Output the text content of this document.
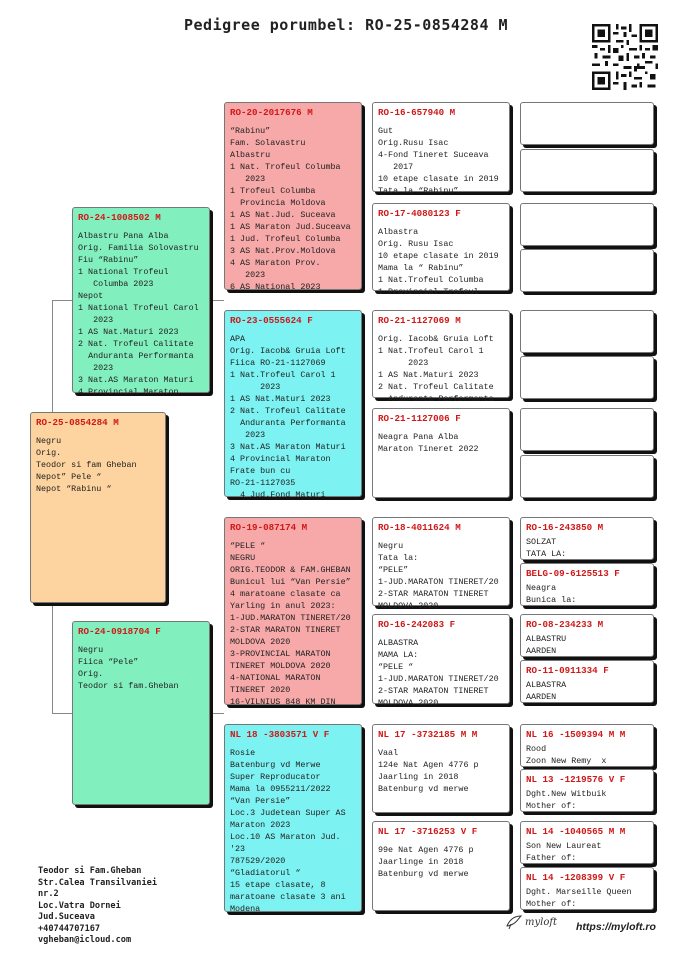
Pedigree porumbel: RO-25-0854284 M
RO-25-0854284 M
Negru
Orig.
Teodor si fam Gheban
Nepot” Pele “
Nepot “Rabinu “
RO-24-1008502 M
Albastru Pana Alba
Orig. Familia Solovastru
Fiu “Rabinu”
1 National Trofeul
Columba 2023
Nepot
1 National Trofeul Carol
2023
1 AS Nat.Maturi 2023
2 Nat. Trofeul Calitate
Anduranta Performanta
2023
3 Nat.AS Maraton Maturi
4 Provincial Maraton
RO-24-0918704 F
Negru
Fiica “Pele”
Orig.
Teodor si fam.Gheban
RO-20-2017676 M
“Rabinu”
Fam. Solavastru
Albastru
1 Nat. Trofeul Columba
2023
1 Trofeul Columba
Provincia Moldova
1 AS Nat.Jud. Suceava
1 AS Maraton Jud.Suceava
1 Jud. Trofeul Columba
3 AS Nat.Prov.Moldova
4 AS Maraton Prov.
2023
6 AS National 2023
RO-23-0555624 F
APA
Orig. Iacob& Gruia Loft
Fiica RO-21-1127069
1 Nat.Trofeul Carol 1
2023
1 AS Nat.Maturi 2023
2 Nat. Trofeul Calitate
Anduranta Performanta
2023
3 Nat.AS Maraton Maturi
4 Provincial Maraton
Frate bun cu
RO-21-1127035
4 Jud.Fond Maturi
RO-19-087174 M
“PELE “
NEGRU
ORIG.TEODOR & FAM.GHEBAN
Bunicul lui “Van Persie”
4 maratoane clasate ca
Yarling in anul 2023:
1-JUD.MARATON TINERET/20
2-STAR MARATON TINERET
MOLDOVA 2020
3-PROVINCIAL MARATON
TINERET MOLDOVA 2020
4-NATIONAL MARATON
TINERET 2020
16-VILNIUS 848 KM DIN
NL 18 -3803571 V F
Rosie
Batenburg vd Merwe
Super Reproducator
Mama la 0955211/2022
“Van Persie”
Loc.3 Judetean Super AS
Maraton 2023
Loc.10 AS Maraton Jud.
'23
787529/2020
“Gladiatorul “
15 etape clasate, 8
maratoane clasate 3 ani
Modena
RO-16-657940 M
Gut
Orig.Rusu Isac
4-Fond Tineret Suceava
2017
10 etape clasate in 2019
Tata la “Rabinu”
RO-17-4080123 F
Albastra
Orig. Rusu Isac
10 etape clasate in 2019
Mama la “ Rabinu”
1 Nat.Trofeul Columba
1 Provincial Trofeul
RO-21-1127069 M
Orig. Iacob& Gruia Loft
1 Nat.Trofeul Carol 1
2023
1 AS Nat.Maturi 2023
2 Nat. Trofeul Calitate
Anduranta Performanta
RO-21-1127006 F
Neagra Pana Alba
Maraton Tineret 2022
RO-18-4011624 M
Negru
Tata la:
“PELE”
1-JUD.MARATON TINERET/20
2-STAR MARATON TINERET
MOLDOVA 2020
RO-16-242083 F
ALBASTRA
MAMA LA:
“PELE “
1-JUD.MARATON TINERET/20
2-STAR MARATON TINERET
MOLDOVA 2020
NL 17 -3732185 M M
Vaal
124e Nat Agen 4776 p
Jaarling in 2018
Batenburg vd merwe
NL 17 -3716253 V F
99e Nat Agen 4776 p
Jaarlinge in 2018
Batenburg vd merwe
RO-16-243850 M
SOLZAT
TATA LA:
BELG-09-6125513 F
Neagra
Bunica la:
RO-08-234233 M
ALBASTRU
AARDEN
RO-11-0911334 F
ALBASTRA
AARDEN
NL 16 -1509394 M M
Rood
Zoon New Remy  x
NL 13 -1219576 V F
Dght.New Witbuik
Mother of:
NL 14 -1040565 M M
Son New Laureat
Father of:
NL 14 -1208399 V F
Dght. Marseille Queen
Mother of:
Teodor si Fam.Gheban
Str.Calea Transilvaniei
nr.2
Loc.Vatra Dornei
Jud.Suceava
+40744707167
vgheban@icloud.com
myloft https://myloft.ro
